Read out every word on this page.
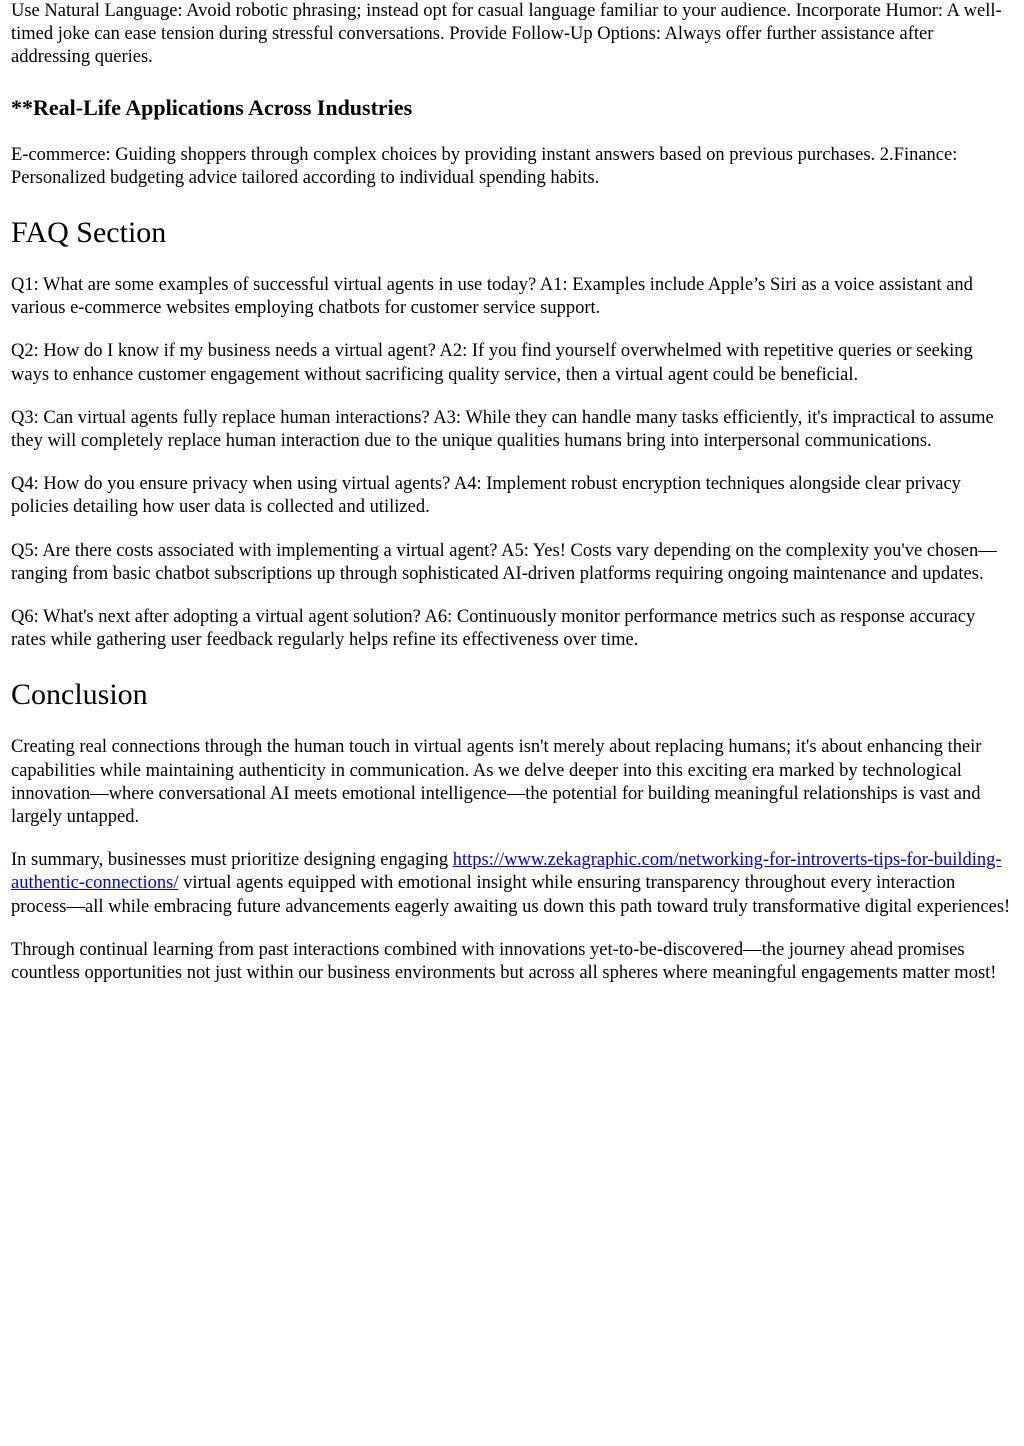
Use Natural Language: Avoid robotic phrasing; instead opt for casual language familiar to your audience. Incorporate Humor: A well-timed joke can ease tension during stressful conversations. Provide Follow-Up Options: Always offer further assistance after addressing queries.

**Real-Life Applications Across Industries

E-commerce: Guiding shoppers through complex choices by providing instant answers based on previous purchases. 2.Finance: Personalized budgeting advice tailored according to individual spending habits.

FAQ Section

Q1: What are some examples of successful virtual agents in use today? A1: Examples include Apple’s Siri as a voice assistant and various e-commerce websites employing chatbots for customer service support.

Q2: How do I know if my business needs a virtual agent? A2: If you find yourself overwhelmed with repetitive queries or seeking ways to enhance customer engagement without sacrificing quality service, then a virtual agent could be beneficial.

Q3: Can virtual agents fully replace human interactions? A3: While they can handle many tasks efficiently, it's impractical to assume they will completely replace human interaction due to the unique qualities humans bring into interpersonal communications.

Q4: How do you ensure privacy when using virtual agents? A4: Implement robust encryption techniques alongside clear privacy policies detailing how user data is collected and utilized.

Q5: Are there costs associated with implementing a virtual agent? A5: Yes! Costs vary depending on the complexity you've chosen—ranging from basic chatbot subscriptions up through sophisticated AI-driven platforms requiring ongoing maintenance and updates.

Q6: What's next after adopting a virtual agent solution? A6: Continuously monitor performance metrics such as response accuracy rates while gathering user feedback regularly helps refine its effectiveness over time.

Conclusion

Creating real connections through the human touch in virtual agents isn't merely about replacing humans; it's about enhancing their capabilities while maintaining authenticity in communication. As we delve deeper into this exciting era marked by technological innovation—where conversational AI meets emotional intelligence—the potential for building meaningful relationships is vast and largely untapped.

In summary, businesses must prioritize designing engaging https://www.zekagraphic.com/networking-for-introverts-tips-for-building-authentic-connections/ virtual agents equipped with emotional insight while ensuring transparency throughout every interaction process—all while embracing future advancements eagerly awaiting us down this path toward truly transformative digital experiences!

Through continual learning from past interactions combined with innovations yet-to-be-discovered—the journey ahead promises countless opportunities not just within our business environments but across all spheres where meaningful engagements matter most!
